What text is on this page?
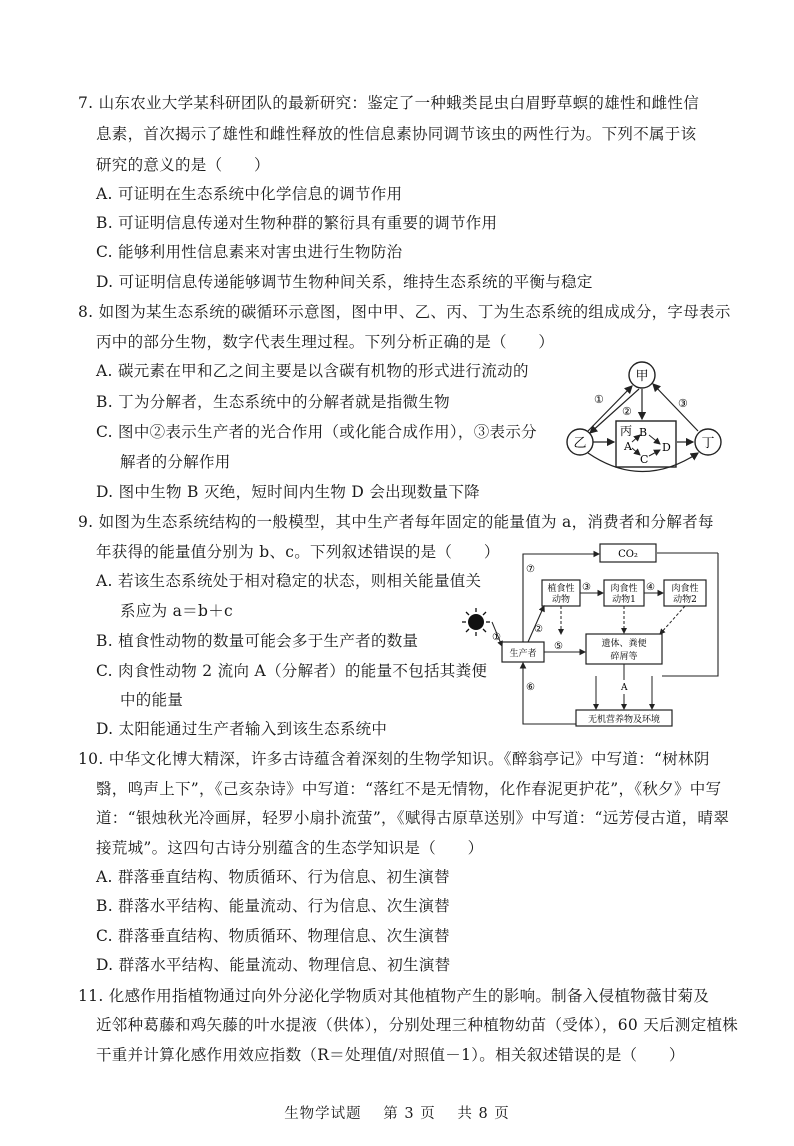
7. 山东农业大学某科研团队的最新研究：鉴定了一种蛾类昆虫白眉野草螟的雄性和雌性信
息素，首次揭示了雄性和雌性释放的性信息素协同调节该虫的两性行为。下列不属于该
研究的意义的是（　　）
A. 可证明在生态系统中化学信息的调节作用
B. 可证明信息传递对生物种群的繁衍具有重要的调节作用
C. 能够利用性信息素来对害虫进行生物防治
D. 可证明信息传递能够调节生物种间关系，维持生态系统的平衡与稳定
8. 如图为某生态系统的碳循环示意图，图中甲、乙、丙、丁为生态系统的组成成分，字母表示
丙中的部分生物，数字代表生理过程。下列分析正确的是（　　）
A. 碳元素在甲和乙之间主要是以含碳有机物的形式进行流动的
B. 丁为分解者，生态系统中的分解者就是指微生物
C. 图中②表示生产者的光合作用（或化能合成作用），③表示分
解者的分解作用
D. 图中生物 B 灭绝，短时间内生物 D 会出现数量下降
甲
乙	丁
丙 B
A	D
C
①
②
③
9. 如图为生态系统结构的一般模型，其中生产者每年固定的能量值为 a，消费者和分解者每
年获得的能量值分别为 b、c。下列叙述错误的是（　　）
A. 若该生态系统处于相对稳定的状态，则相关能量值关
系应为 a＝b＋c
B. 植食性动物的数量可能会多于生产者的数量
C. 肉食性动物 2 流向 A（分解者）的能量不包括其粪便
中的能量
D. 太阳能通过生产者输入到该生态系统中
CO₂
植食性
动物
肉食性
动物1
肉食性
动物2
生产者
遗体、粪便
碎屑等
无机营养物及环境
A
⑦
③	④
②
①
⑤
⑥
10. 中华文化博大精深，许多古诗蕴含着深刻的生物学知识。《醉翁亭记》中写道：“树林阴
翳，鸣声上下”，《己亥杂诗》中写道：“落红不是无情物，化作春泥更护花”，《秋夕》中写
道：“银烛秋光冷画屏，轻罗小扇扑流萤”，《赋得古原草送别》中写道：“远芳侵古道，晴翠
接荒城”。这四句古诗分别蕴含的生态学知识是（　　）
A. 群落垂直结构、物质循环、行为信息、初生演替
B. 群落水平结构、能量流动、行为信息、次生演替
C. 群落垂直结构、物质循环、物理信息、次生演替
D. 群落水平结构、能量流动、物理信息、初生演替
11. 化感作用指植物通过向外分泌化学物质对其他植物产生的影响。制备入侵植物薇甘菊及
近邻种葛藤和鸡矢藤的叶水提液（供体），分别处理三种植物幼苗（受体），60 天后测定植株
干重并计算化感作用效应指数（R＝处理值/对照值－1）。相关叙述错误的是（　　）
生物学试题 第 3 页 共 8 页
